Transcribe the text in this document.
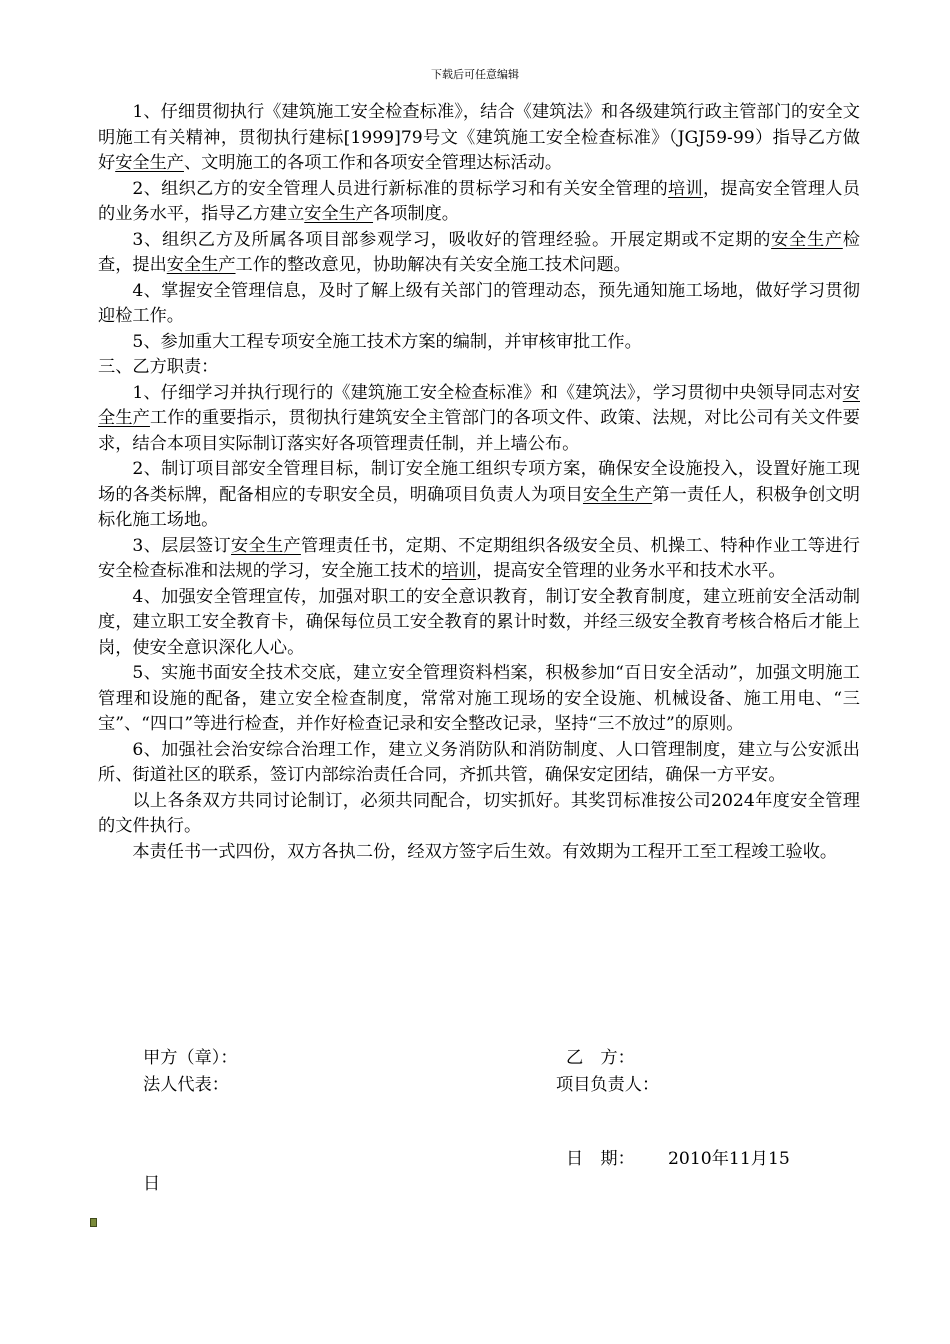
下载后可任意编辑
1、仔细贯彻执行《建筑施工安全检查标准》，结合《建筑法》和各级建筑行政主管部门的安全文明施工有关精神，贯彻执行建标[1999]79号文《建筑施工安全检查标准》（JGJ59-99）指导乙方做好安全生产、文明施工的各项工作和各项安全管理达标活动。
2、组织乙方的安全管理人员进行新标准的贯标学习和有关安全管理的培训，提高安全管理人员的业务水平，指导乙方建立安全生产各项制度。
3、组织乙方及所属各项目部参观学习，吸收好的管理经验。开展定期或不定期的安全生产检查，提出安全生产工作的整改意见，协助解决有关安全施工技术问题。
4、掌握安全管理信息，及时了解上级有关部门的管理动态，预先通知施工场地，做好学习贯彻迎检工作。
5、参加重大工程专项安全施工技术方案的编制，并审核审批工作。
三、乙方职责：
1、仔细学习并执行现行的《建筑施工安全检查标准》和《建筑法》，学习贯彻中央领导同志对安全生产工作的重要指示，贯彻执行建筑安全主管部门的各项文件、政策、法规，对比公司有关文件要求，结合本项目实际制订落实好各项管理责任制，并上墙公布。
2、制订项目部安全管理目标，制订安全施工组织专项方案，确保安全设施投入，设置好施工现场的各类标牌，配备相应的专职安全员，明确项目负责人为项目安全生产第一责任人，积极争创文明标化施工场地。
3、层层签订安全生产管理责任书，定期、不定期组织各级安全员、机操工、特种作业工等进行安全检查标准和法规的学习，安全施工技术的培训，提高安全管理的业务水平和技术水平。
4、加强安全管理宣传，加强对职工的安全意识教育，制订安全教育制度，建立班前安全活动制度，建立职工安全教育卡，确保每位员工安全教育的累计时数，并经三级安全教育考核合格后才能上岗，使安全意识深化人心。
5、实施书面安全技术交底，建立安全管理资料档案，积极参加“百日安全活动”，加强文明施工管理和设施的配备，建立安全检查制度，常常对施工现场的安全设施、机械设备、施工用电、“三宝”、“四口”等进行检查，并作好检查记录和安全整改记录，坚持“三不放过”的原则。
6、加强社会治安综合治理工作，建立义务消防队和消防制度、人口管理制度，建立与公安派出所、街道社区的联系，签订内部综治责任合同，齐抓共管，确保安定团结，确保一方平安。
以上各条双方共同讨论制订，必须共同配合，切实抓好。其奖罚标准按公司2024年度安全管理的文件执行。
本责任书一式四份，双方各执二份，经双方签字后生效。有效期为工程开工至工程竣工验收。
甲方（章）：	乙　方：
法人代表：	项目负责人：
日　期： 2010年11月15
日
